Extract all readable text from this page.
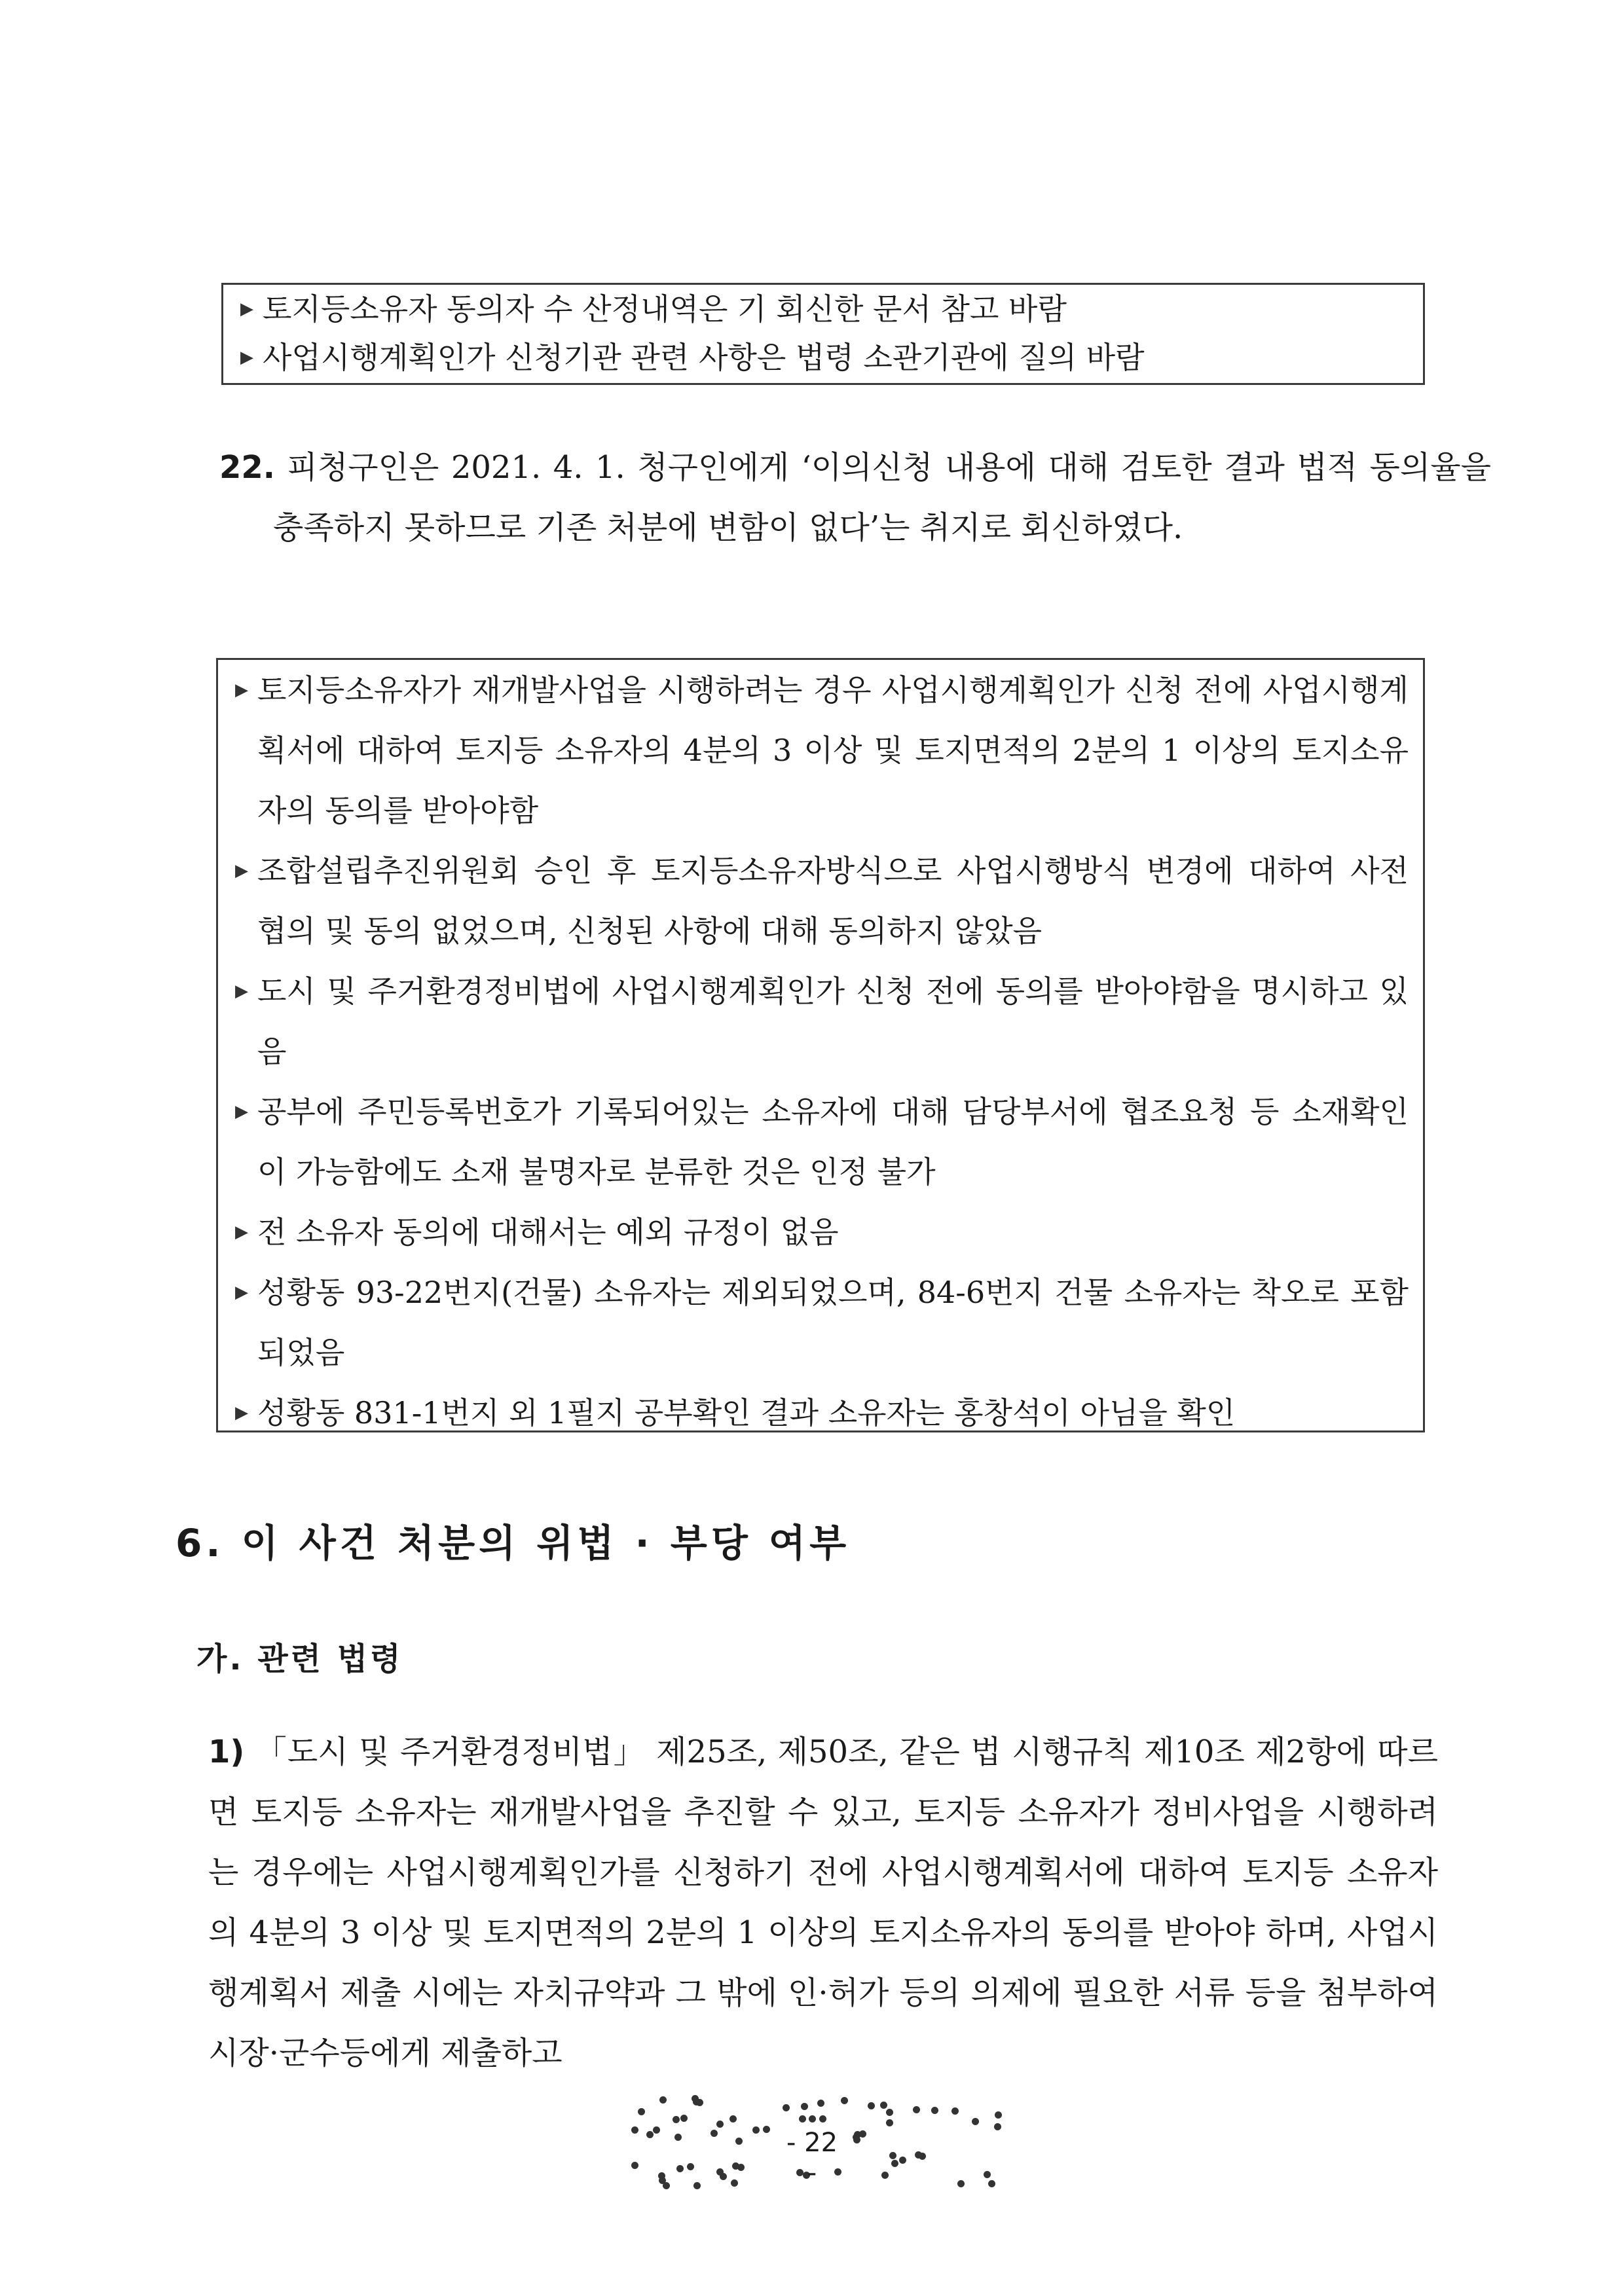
▶ 토지등소유자 동의자 수 산정내역은 기 회신한 문서 참고 바람
▶ 사업시행계획인가 신청기관 관련 사항은 법령 소관기관에 질의 바람
22. 피청구인은 2021. 4. 1. 청구인에게 ‘이의신청 내용에 대해 검토한 결과 법적 동의율을 충족하지 못하므로 기존 처분에 변함이 없다’는 취지로 회신하였다.
▶ 토지등소유자가 재개발사업을 시행하려는 경우 사업시행계획인가 신청 전에 사업시행계획서에 대하여 토지등 소유자의 4분의 3 이상 및 토지면적의 2분의 1 이상의 토지소유자의 동의를 받아야함
▶ 조합설립추진위원회 승인 후 토지등소유자방식으로 사업시행방식 변경에 대하여 사전 협의 및 동의 없었으며, 신청된 사항에 대해 동의하지 않았음
▶ 도시 및 주거환경정비법에 사업시행계획인가 신청 전에 동의를 받아야함을 명시하고 있음
▶ 공부에 주민등록번호가 기록되어있는 소유자에 대해 담당부서에 협조요청 등 소재확인이 가능함에도 소재 불명자로 분류한 것은 인정 불가
▶ 전 소유자 동의에 대해서는 예외 규정이 없음
▶ 성황동 93-22번지(건물) 소유자는 제외되었으며, 84-6번지 건물 소유자는 착오로 포함되었음
▶ 성황동 831-1번지 외 1필지 공부확인 결과 소유자는 홍창석이 아님을 확인
6. 이 사건 처분의 위법 · 부당 여부
가. 관련 법령
1) 「도시 및 주거환경정비법」 제25조, 제50조, 같은 법 시행규칙 제10조 제2항에 따르면 토지등 소유자는 재개발사업을 추진할 수 있고, 토지등 소유자가 정비사업을 시행하려는 경우에는 사업시행계획인가를 신청하기 전에 사업시행계획서에 대하여 토지등 소유자의 4분의 3 이상 및 토지면적의 2분의 1 이상의 토지소유자의 동의를 받아야 하며, 사업시행계획서 제출 시에는 자치규약과 그 밖에 인·허가 등의 의제에 필요한 서류 등을 첨부하여 시장·군수등에게 제출하고
- 22 -
